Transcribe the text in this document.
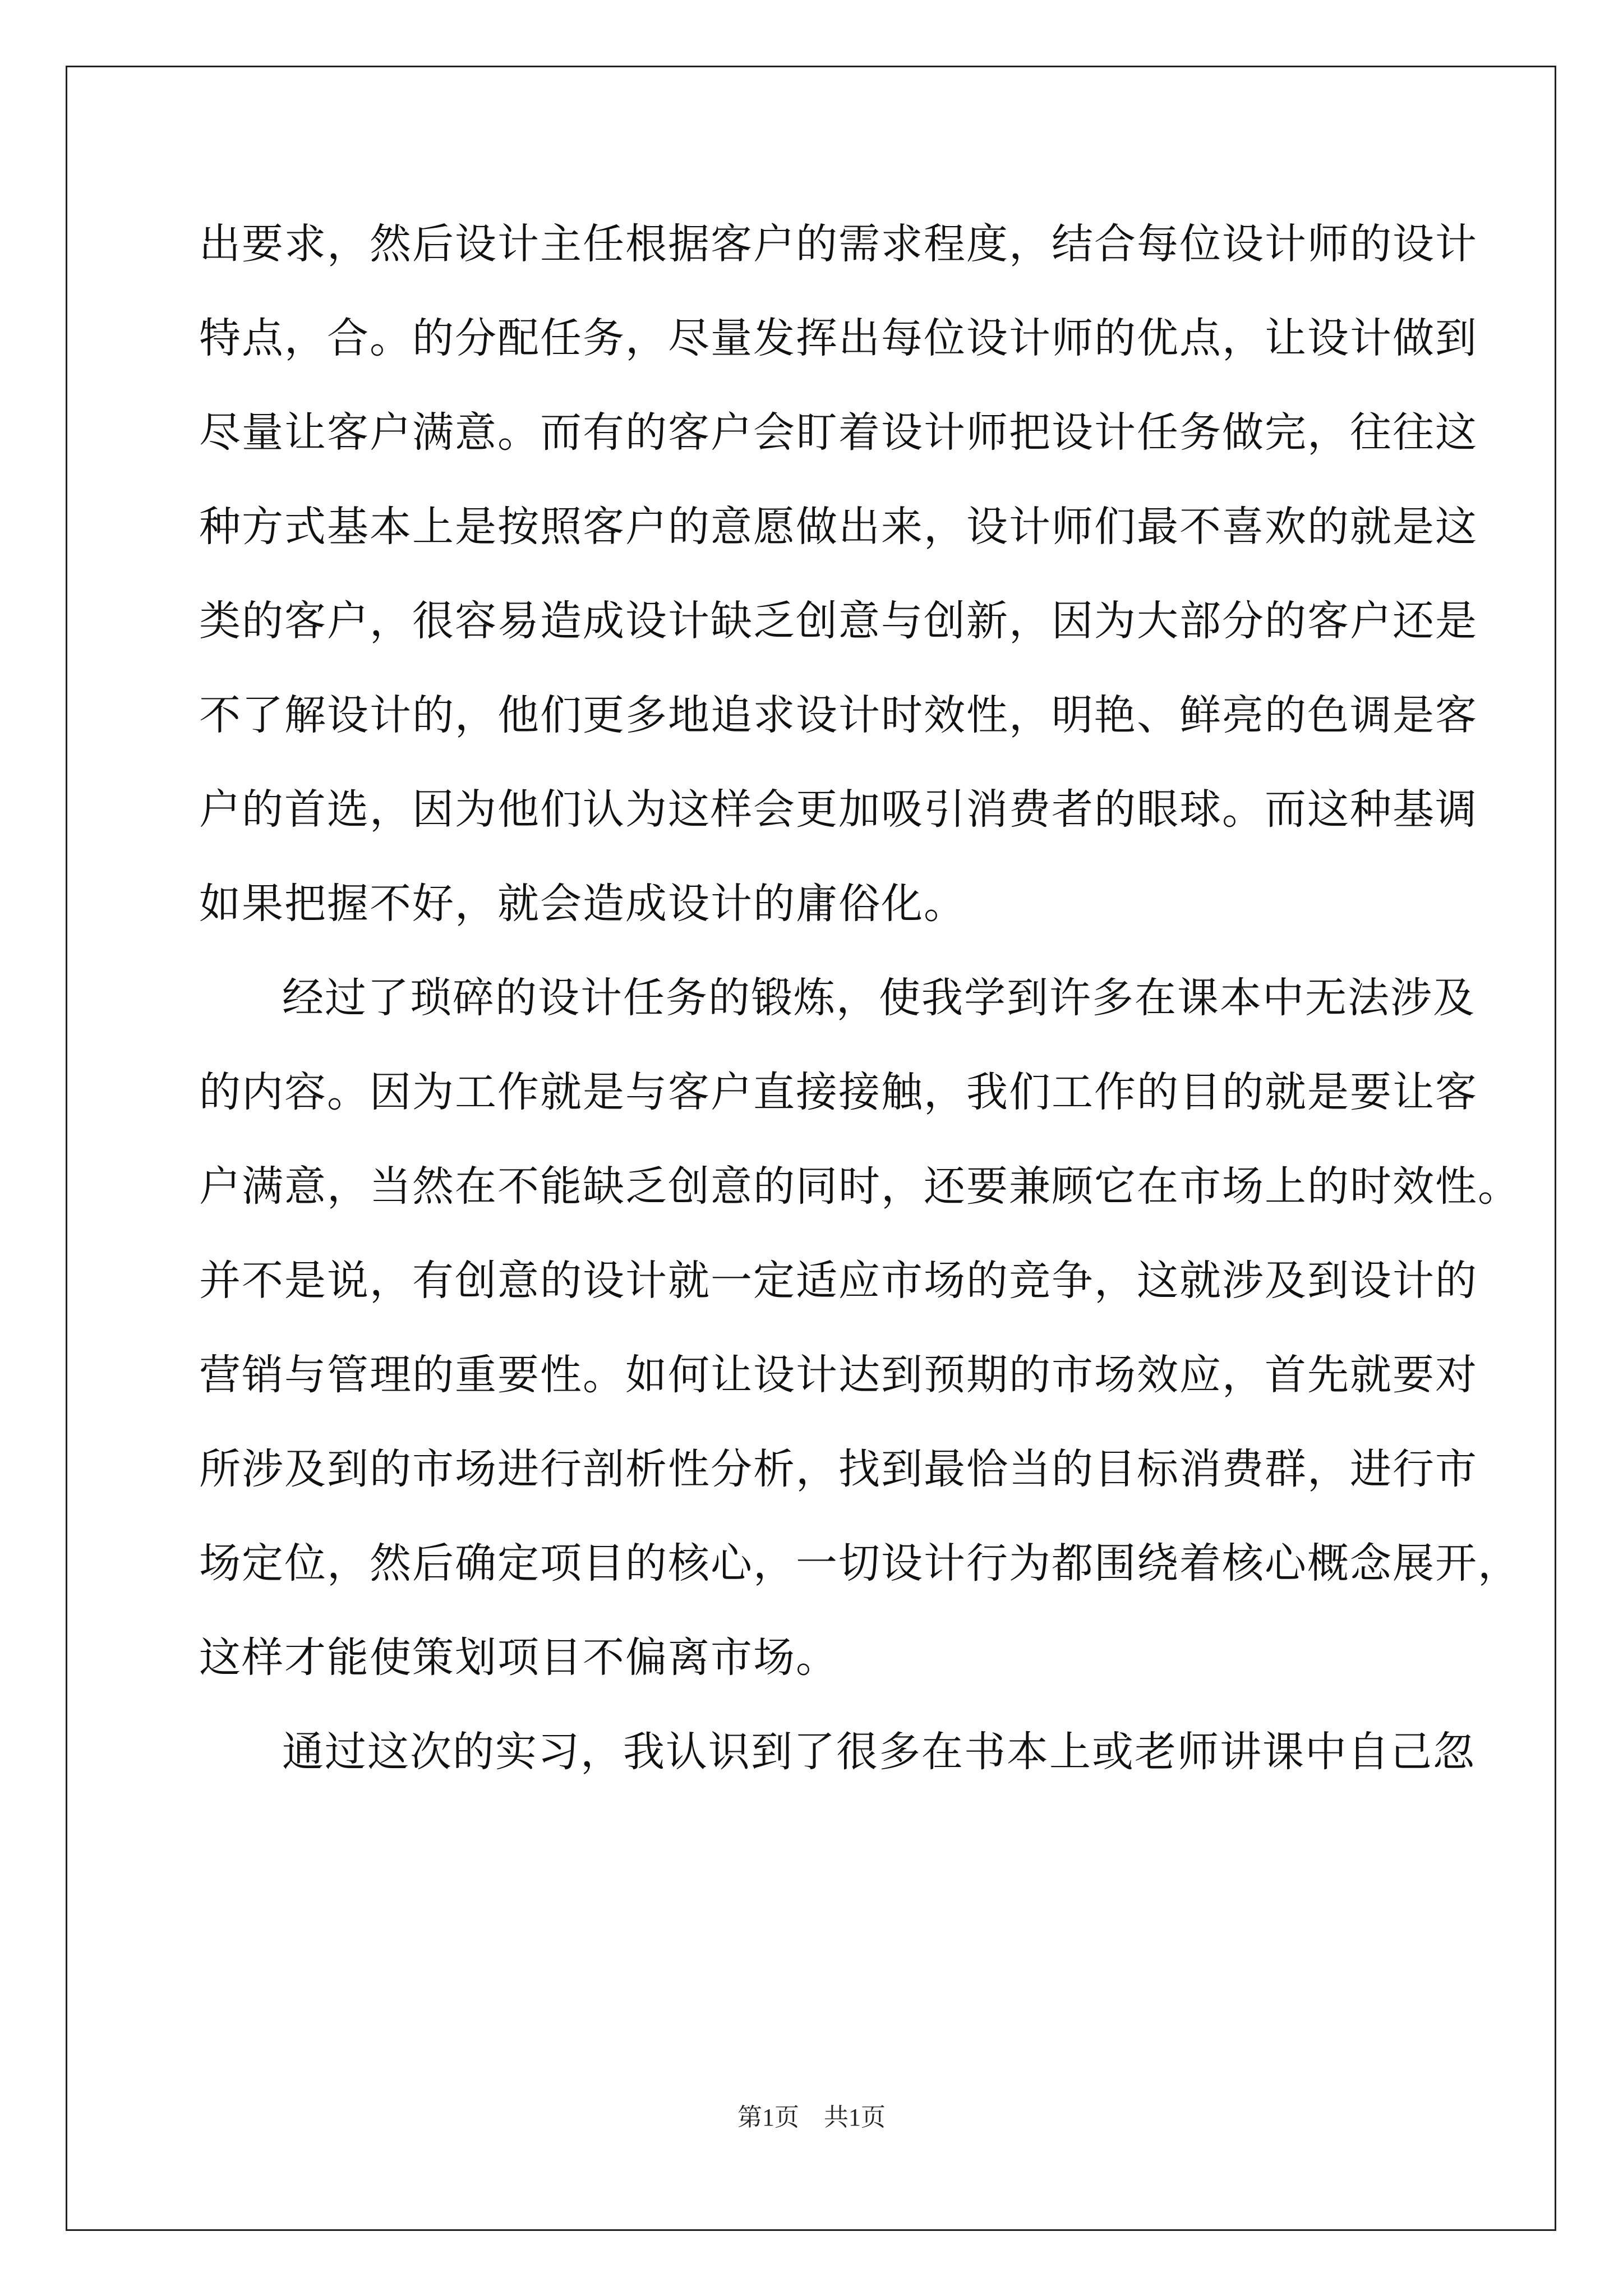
出要求，然后设计主任根据客户的需求程度，结合每位设计师的设计
特点，合。的分配任务，尽量发挥出每位设计师的优点，让设计做到
尽量让客户满意。而有的客户会盯着设计师把设计任务做完，往往这
种方式基本上是按照客户的意愿做出来，设计师们最不喜欢的就是这
类的客户，很容易造成设计缺乏创意与创新，因为大部分的客户还是
不了解设计的，他们更多地追求设计时效性，明艳、鲜亮的色调是客
户的首选，因为他们认为这样会更加吸引消费者的眼球。而这种基调
如果把握不好，就会造成设计的庸俗化。
经过了琐碎的设计任务的锻炼，使我学到许多在课本中无法涉及
的内容。因为工作就是与客户直接接触，我们工作的目的就是要让客
户满意，当然在不能缺乏创意的同时，还要兼顾它在市场上的时效性。
并不是说，有创意的设计就一定适应市场的竞争，这就涉及到设计的
营销与管理的重要性。如何让设计达到预期的市场效应，首先就要对
所涉及到的市场进行剖析性分析，找到最恰当的目标消费群，进行市
场定位，然后确定项目的核心，一切设计行为都围绕着核心概念展开，
这样才能使策划项目不偏离市场。
通过这次的实习，我认识到了很多在书本上或老师讲课中自己忽
第1页　共1页
